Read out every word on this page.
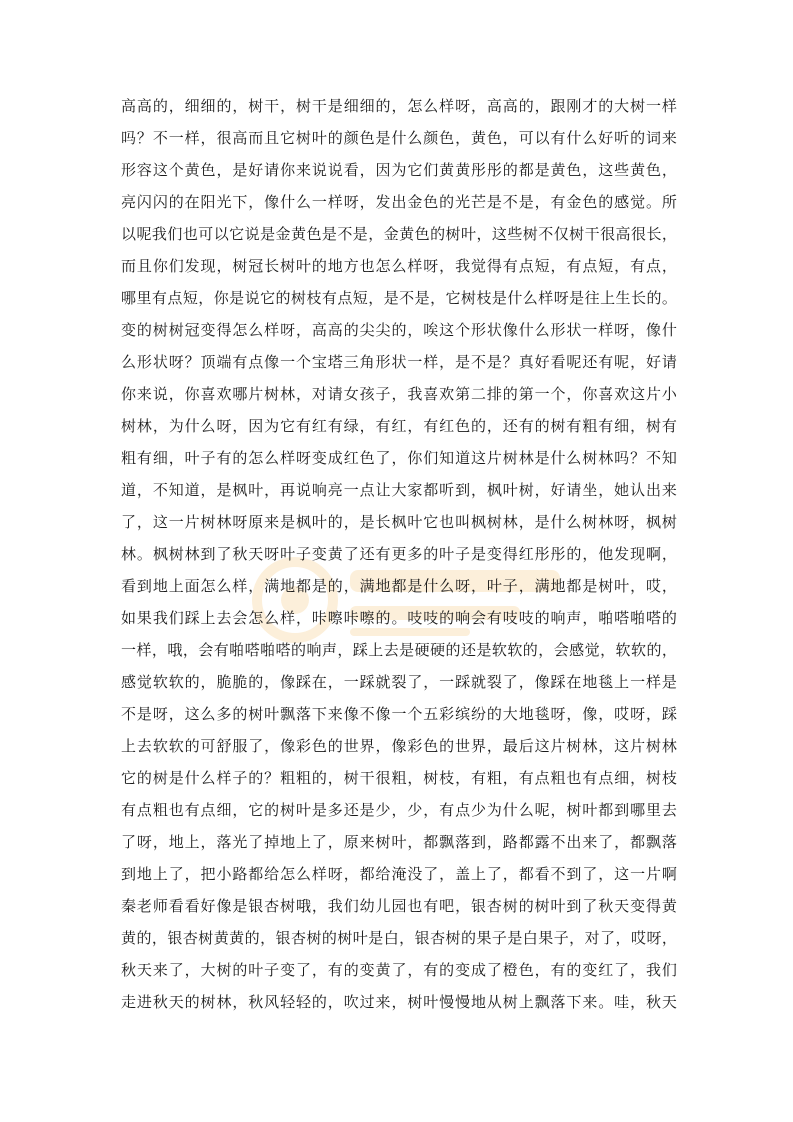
高高的，细细的，树干，树干是细细的，怎么样呀，高高的，跟刚才的大树一样
吗？不一样，很高而且它树叶的颜色是什么颜色，黄色，可以有什么好听的词来
形容这个黄色，是好请你来说说看，因为它们黄黄彤彤的都是黄色，这些黄色，
亮闪闪的在阳光下，像什么一样呀，发出金色的光芒是不是，有金色的感觉。所
以呢我们也可以它说是金黄色是不是，金黄色的树叶，这些树不仅树干很高很长，
而且你们发现，树冠长树叶的地方也怎么样呀，我觉得有点短，有点短，有点，
哪里有点短，你是说它的树枝有点短，是不是，它树枝是什么样呀是往上生长的。
变的树树冠变得怎么样呀，高高的尖尖的，唉这个形状像什么形状一样呀，像什
么形状呀？顶端有点像一个宝塔三角形状一样，是不是？真好看呢还有呢，好请
你来说，你喜欢哪片树林，对请女孩子，我喜欢第二排的第一个，你喜欢这片小
树林，为什么呀，因为它有红有绿，有红，有红色的，还有的树有粗有细，树有
粗有细，叶子有的怎么样呀变成红色了，你们知道这片树林是什么树林吗？不知
道，不知道，是枫叶，再说响亮一点让大家都听到，枫叶树，好请坐，她认出来
了，这一片树林呀原来是枫叶的，是长枫叶它也叫枫树林，是什么树林呀，枫树
林。枫树林到了秋天呀叶子变黄了还有更多的叶子是变得红彤彤的，他发现啊，
看到地上面怎么样，满地都是的，满地都是什么呀，叶子，满地都是树叶，哎，
如果我们踩上去会怎么样，咔嚓咔嚓的。吱吱的响会有吱吱的响声，啪嗒啪嗒的
一样，哦，会有啪嗒啪嗒的响声，踩上去是硬硬的还是软软的，会感觉，软软的，
感觉软软的，脆脆的，像踩在，一踩就裂了，一踩就裂了，像踩在地毯上一样是
不是呀，这么多的树叶飘落下来像不像一个五彩缤纷的大地毯呀，像，哎呀，踩
上去软软的可舒服了，像彩色的世界，像彩色的世界，最后这片树林，这片树林
它的树是什么样子的？粗粗的，树干很粗，树枝，有粗，有点粗也有点细，树枝
有点粗也有点细，它的树叶是多还是少，少，有点少为什么呢，树叶都到哪里去
了呀，地上，落光了掉地上了，原来树叶，都飘落到，路都露不出来了，都飘落
到地上了，把小路都给怎么样呀，都给淹没了，盖上了，都看不到了，这一片啊
秦老师看看好像是银杏树哦，我们幼儿园也有吧，银杏树的树叶到了秋天变得黄
黄的，银杏树黄黄的，银杏树的树叶是白，银杏树的果子是白果子，对了，哎呀，
秋天来了，大树的叶子变了，有的变黄了，有的变成了橙色，有的变红了，我们
走进秋天的树林，秋风轻轻的，吹过来，树叶慢慢地从树上飘落下来。哇，秋天
